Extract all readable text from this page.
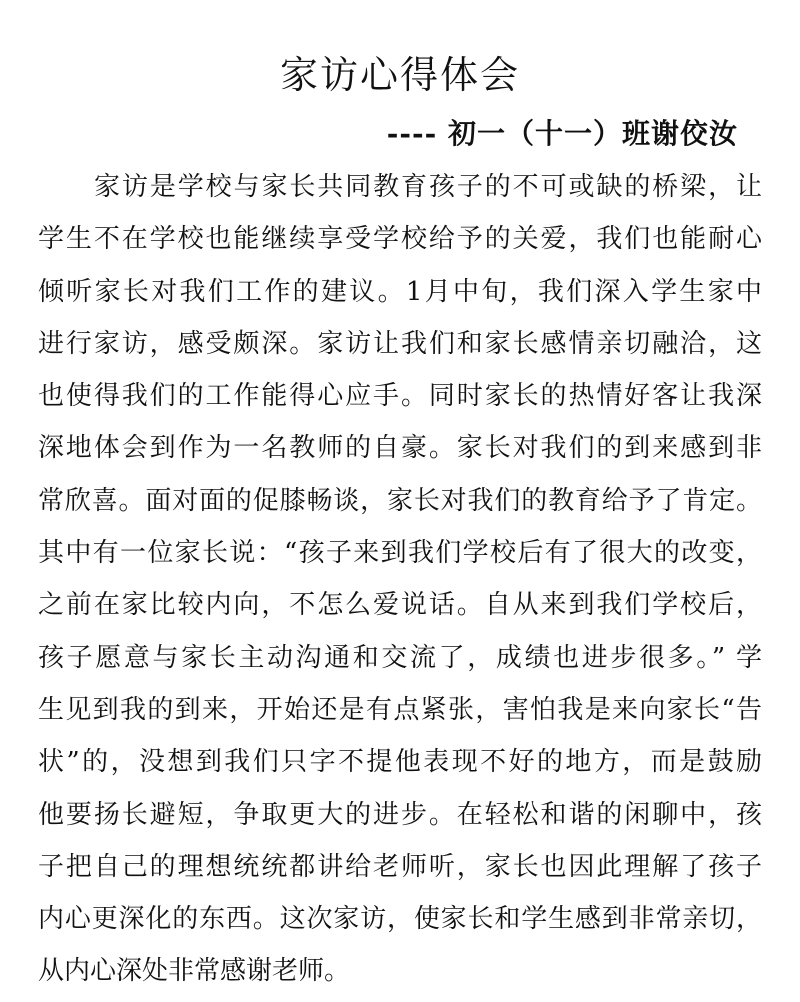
家访心得体会
---- 初一（十一）班谢佼汝
家访是学校与家长共同教育孩子的不可或缺的桥梁，让
学生不在学校也能继续享受学校给予的关爱，我们也能耐心
倾听家长对我们工作的建议。1月中旬，我们深入学生家中
进行家访，感受颇深。家访让我们和家长感情亲切融洽，这
也使得我们的工作能得心应手。同时家长的热情好客让我深
深地体会到作为一名教师的自豪。家长对我们的到来感到非
常欣喜。面对面的促膝畅谈，家长对我们的教育给予了肯定。
其中有一位家长说：“孩子来到我们学校后有了很大的改变，
之前在家比较内向，不怎么爱说话。自从来到我们学校后，
孩子愿意与家长主动沟通和交流了，成绩也进步很多。” 学
生见到我的到来，开始还是有点紧张，害怕我是来向家长“告
状”的，没想到我们只字不提他表现不好的地方，而是鼓励
他要扬长避短，争取更大的进步。在轻松和谐的闲聊中，孩
子把自己的理想统统都讲给老师听，家长也因此理解了孩子
内心更深化的东西。这次家访，使家长和学生感到非常亲切，
从内心深处非常感谢老师。
